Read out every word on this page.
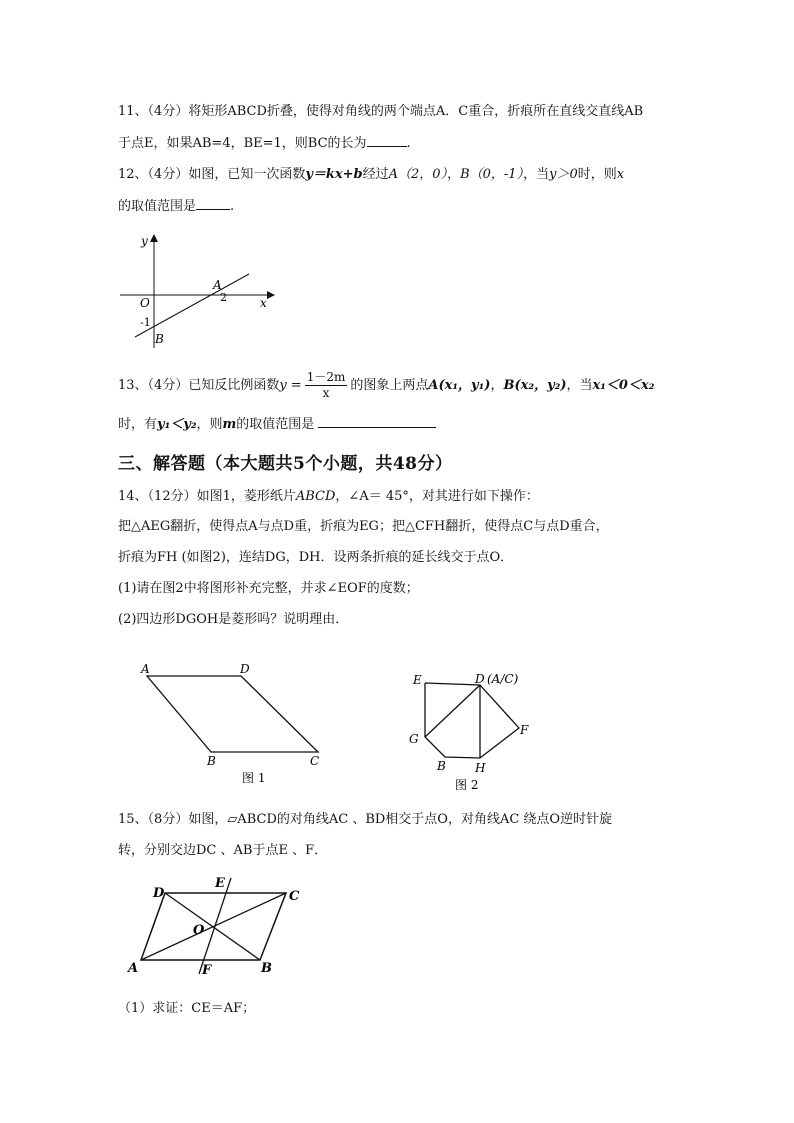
11、（4分）将矩形ABCD折叠，使得对角线的两个端点A．C重合，折痕所在直线交直线AB
于点E，如果AB=4，BE=1，则BC的长为	.
12、（4分）如图，已知一次函数y＝kx+b经过A（2，0），B（0，-1），当y＞0时，则x
的取值范围是	.
y
x
O
A
2
-1
B
13、（4分）已知反比例函数$y = \frac{1-2m}{x}$ 的图象上两点A(x₁，y₁)，B(x₂，y₂)，当x₁＜0＜x₂
时，有y₁＜y₂，则m的取值范围是
三、解答题（本大题共5个小题，共48分）
14、（12分）如图1，菱形纸片ABCD，∠A＝ 45°，对其进行如下操作：
把△AEG翻折，使得点A与点D重，折痕为EG；把△CFH翻折，使得点C与点D重合，
折痕为FH (如图2)，连结DG，DH．设两条折痕的延长线交于点O．
(1)请在图2中将图形补充完整，并求∠EOF的度数；
(2)四边形DGOH是菱形吗？说明理由．
A	D
B	C
图 1
E	D (A/C)
F
G
B H
图 2
15、（8分）如图，▱ABCD的对角线AC 、BD相交于点O，对角线AC 绕点O逆时针旋
转，分别交边DC 、AB于点E 、F．
D
E
C
O
A	F	B
（1）求证：CE＝AF；
